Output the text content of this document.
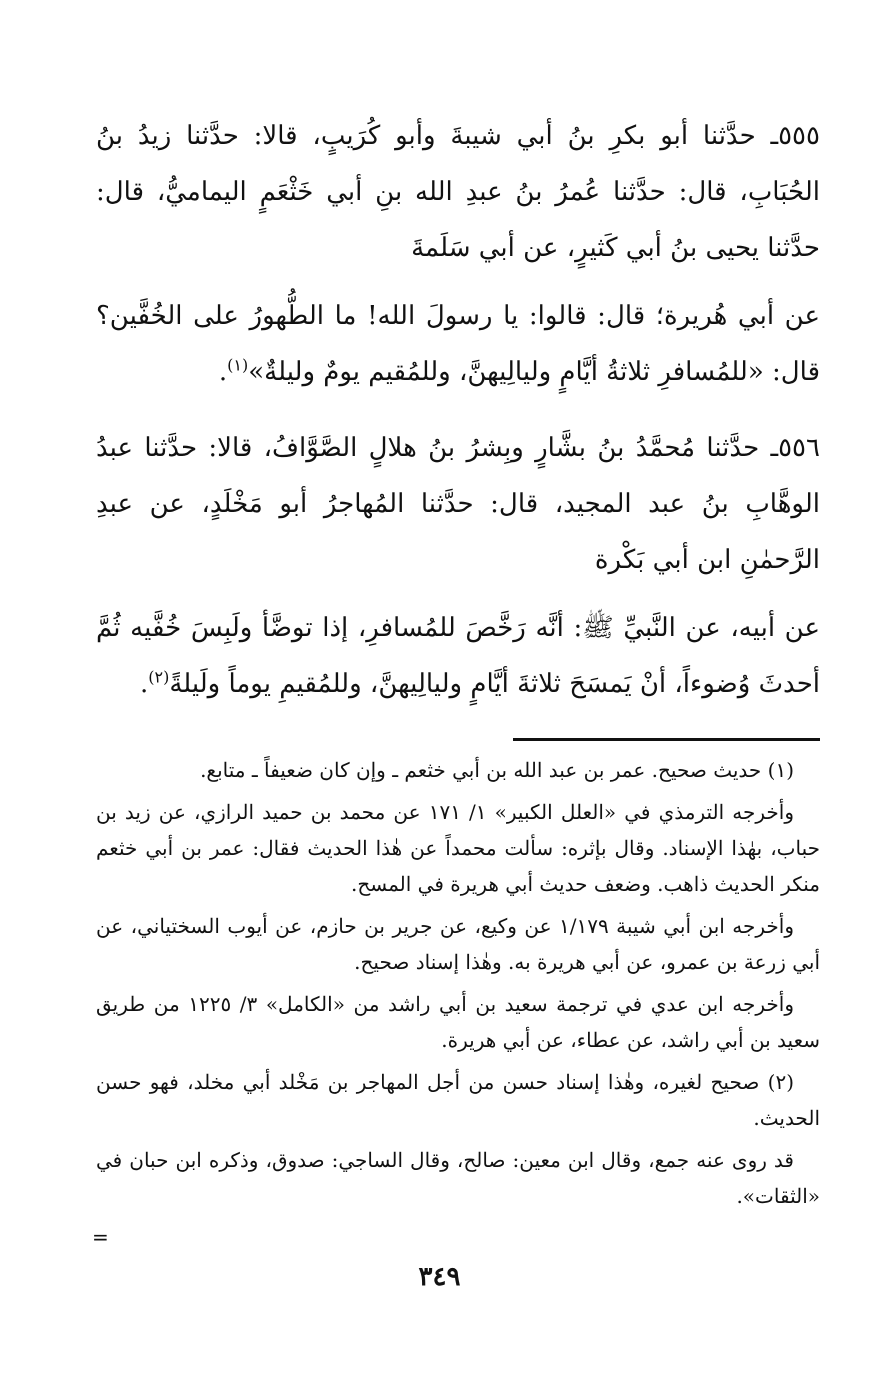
٥٥٥ـ حدَّثنا أبو بكرِ بنُ أبي شيبةَ وأبو كُرَيبٍ، قالا: حدَّثنا زيدُ بنُ الحُبَابِ، قال: حدَّثنا عُمرُ بنُ عبدِ الله بنِ أبي خَثْعَمٍ اليماميُّ، قال: حدَّثنا يحيى بنُ أبي كَثيرٍ، عن أبي سَلَمةَ

عن أبي هُريرة؛ قال: قالوا: يا رسولَ الله! ما الطُّهورُ على الخُفَّين؟ قال: «للمُسافرِ ثلاثةُ أيَّامٍ وليالِيهنَّ، وللمُقيم يومٌ وليلةٌ»$^{(١)}$.

٥٥٦ـ حدَّثنا مُحمَّدُ بنُ بشَّارٍ وبِشرُ بنُ هلالٍ الصَّوَّافُ، قالا: حدَّثنا عبدُ الوهَّابِ بنُ عبد المجيد، قال: حدَّثنا المُهاجرُ أبو مَخْلَدٍ، عن عبدِ الرَّحمٰنِ ابن أبي بَكْرة

عن أبيه، عن النَّبيِّ ﷺ: أنَّه رَخَّصَ للمُسافرِ، إذا توضَّأ ولَبِسَ خُفَّيه ثُمَّ أحدثَ وُضوءاً، أنْ يَمسَحَ ثلاثةَ أيَّامٍ وليالِيهنَّ، وللمُقيمِ يوماً ولَيلةً$^{(٢)}$.

(١) حديث صحيح. عمر بن عبد الله بن أبي خثعم ـ وإن كان ضعيفاً ـ متابع.

وأخرجه الترمذي في «العلل الكبير» ١/ ١٧١ عن محمد بن حميد الرازي، عن زيد بن حباب، بهٰذا الإسناد. وقال بإثره: سألت محمداً عن هٰذا الحديث فقال: عمر بن أبي خثعم منكر الحديث ذاهب. وضعف حديث أبي هريرة في المسح.

وأخرجه ابن أبي شيبة ١/١٧٩ عن وكيع، عن جرير بن حازم، عن أيوب السختياني، عن أبي زرعة بن عمرو، عن أبي هريرة به. وهٰذا إسناد صحيح.

وأخرجه ابن عدي في ترجمة سعيد بن أبي راشد من «الكامل» ٣/ ١٢٢٥ من طريق سعيد بن أبي راشد، عن عطاء، عن أبي هريرة.

(٢) صحيح لغيره، وهٰذا إسناد حسن من أجل المهاجر بن مَخْلد أبي مخلد، فهو حسن الحديث.

قد روى عنه جمع، وقال ابن معين: صالح، وقال الساجي: صدوق، وذكره ابن حبان في «الثقات».

=
٣٤٩
